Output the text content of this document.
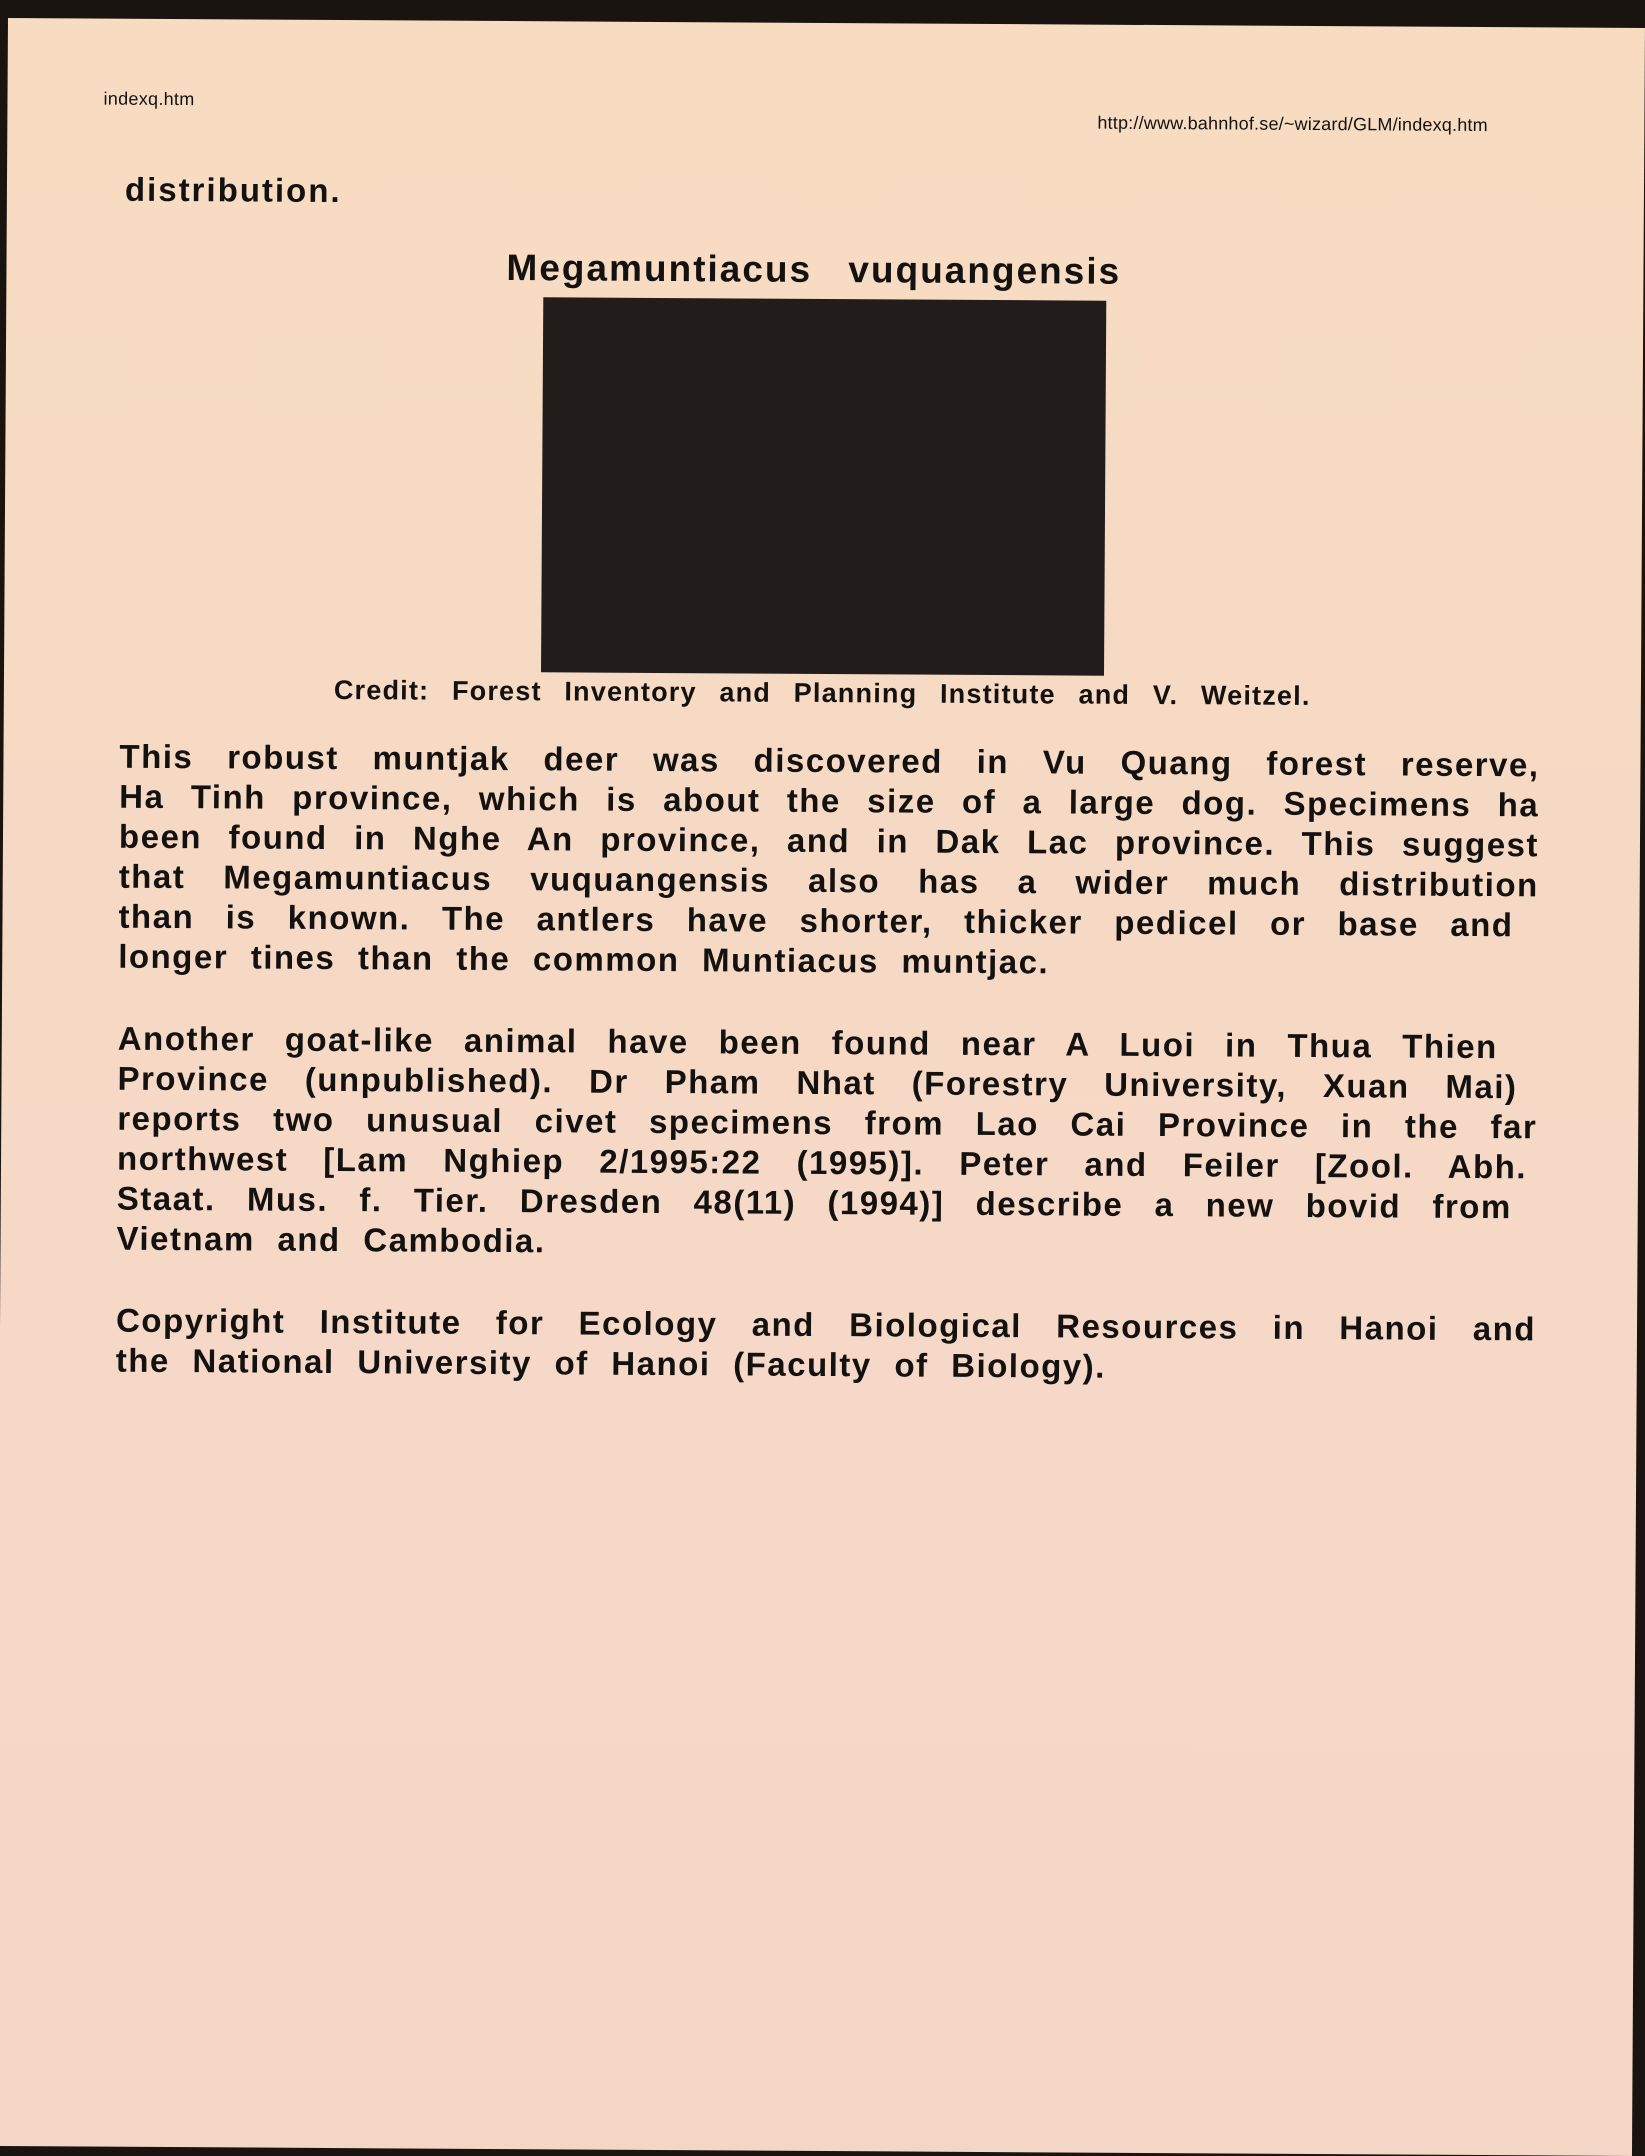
indexq.htm
http://www.bahnhof.se/~wizard/GLM/indexq.htm
distribution.
Megamuntiacus vuquangensis
Credit: Forest Inventory and Planning Institute and V. Weitzel.
This robust muntjak deer was discovered in Vu Quang forest reserve,
Ha Tinh province, which is about the size of a large dog. Specimens ha
been found in Nghe An province, and in Dak Lac province. This suggest
that Megamuntiacus vuquangensis also has a wider much distribution
than is known. The antlers have shorter, thicker pedicel or base and
longer tines than the common Muntiacus muntjac.
Another goat-like animal have been found near A Luoi in Thua Thien
Province (unpublished). Dr Pham Nhat (Forestry University, Xuan Mai)
reports two unusual civet specimens from Lao Cai Province in the far
northwest [Lam Nghiep 2/1995:22 (1995)]. Peter and Feiler [Zool. Abh.
Staat. Mus. f. Tier. Dresden 48(11) (1994)] describe a new bovid from
Vietnam and Cambodia.
Copyright Institute for Ecology and Biological Resources in Hanoi and
the National University of Hanoi (Faculty of Biology).
